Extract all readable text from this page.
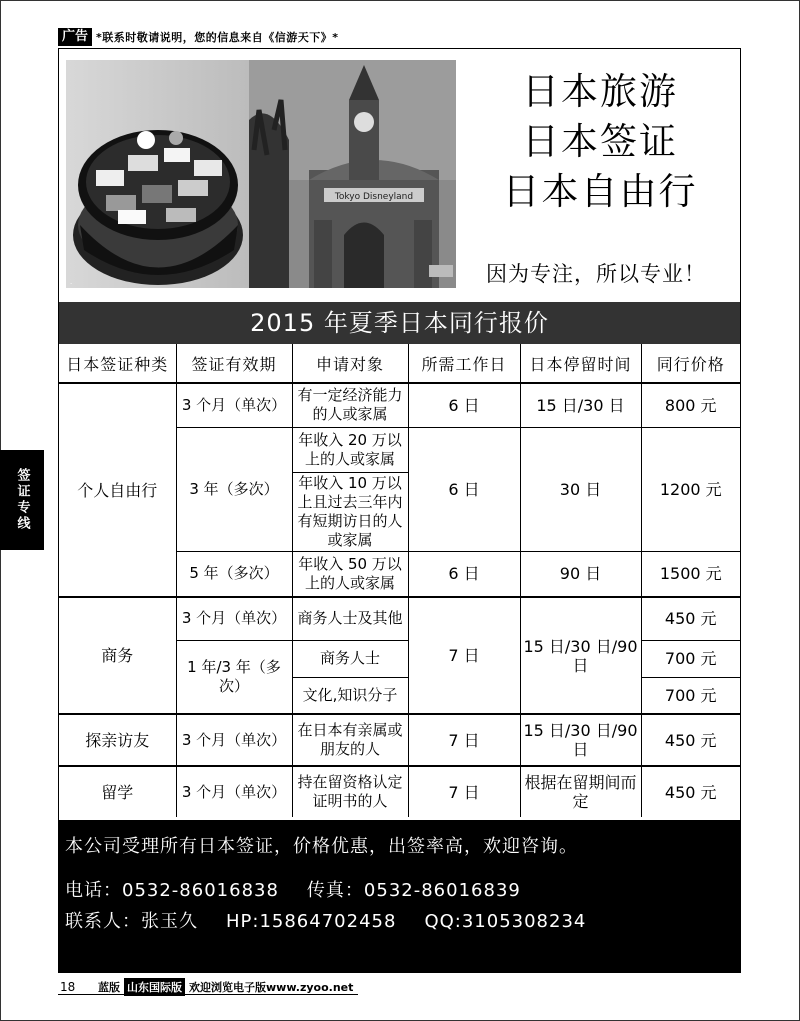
广告 *联系时敬请说明，您的信息来自《信游天下》*
.
Tokyo Disneyland
日本旅游
日本签证
日本自由行
因为专注，所以专业！
2015 年夏季日本同行报价
日本签证种类	签证有效期	申请对象	所需工作日	日本停留时间	同行价格
个人自由行	3 个月（单次）	有一定经济能力的人或家属	6 日	15 日/30 日	800 元
	3 年（多次）	年收入 20 万以上的人或家属	6 日	30 日	1200 元
		年收入 10 万以上且过去三年内有短期访日的人或家属			
	5 年（多次）	年收入 50 万以上的人或家属	6 日	90 日	1500 元
商务	3 个月（单次）	商务人士及其他	7 日	15 日/30 日/90 日	450 元
	1 年/3 年（多次）	商务人士			700 元
		文化,知识分子			700 元
探亲访友	3 个月（单次）	在日本有亲属或朋友的人	7 日	15 日/30 日/90 日	450 元
留学	3 个月（单次）	持在留资格认定证明书的人	7 日	根据在留期间而定	450 元
本公司受理所有日本签证，价格优惠，出签率高，欢迎咨询。
电话：0532-86016838 传真：0532-86016839
联系人：张玉久 HP:15864702458 QQ:3105308234
签证专线
18	蓝版 山东国际版 欢迎浏览电子版www.zyoo.net
